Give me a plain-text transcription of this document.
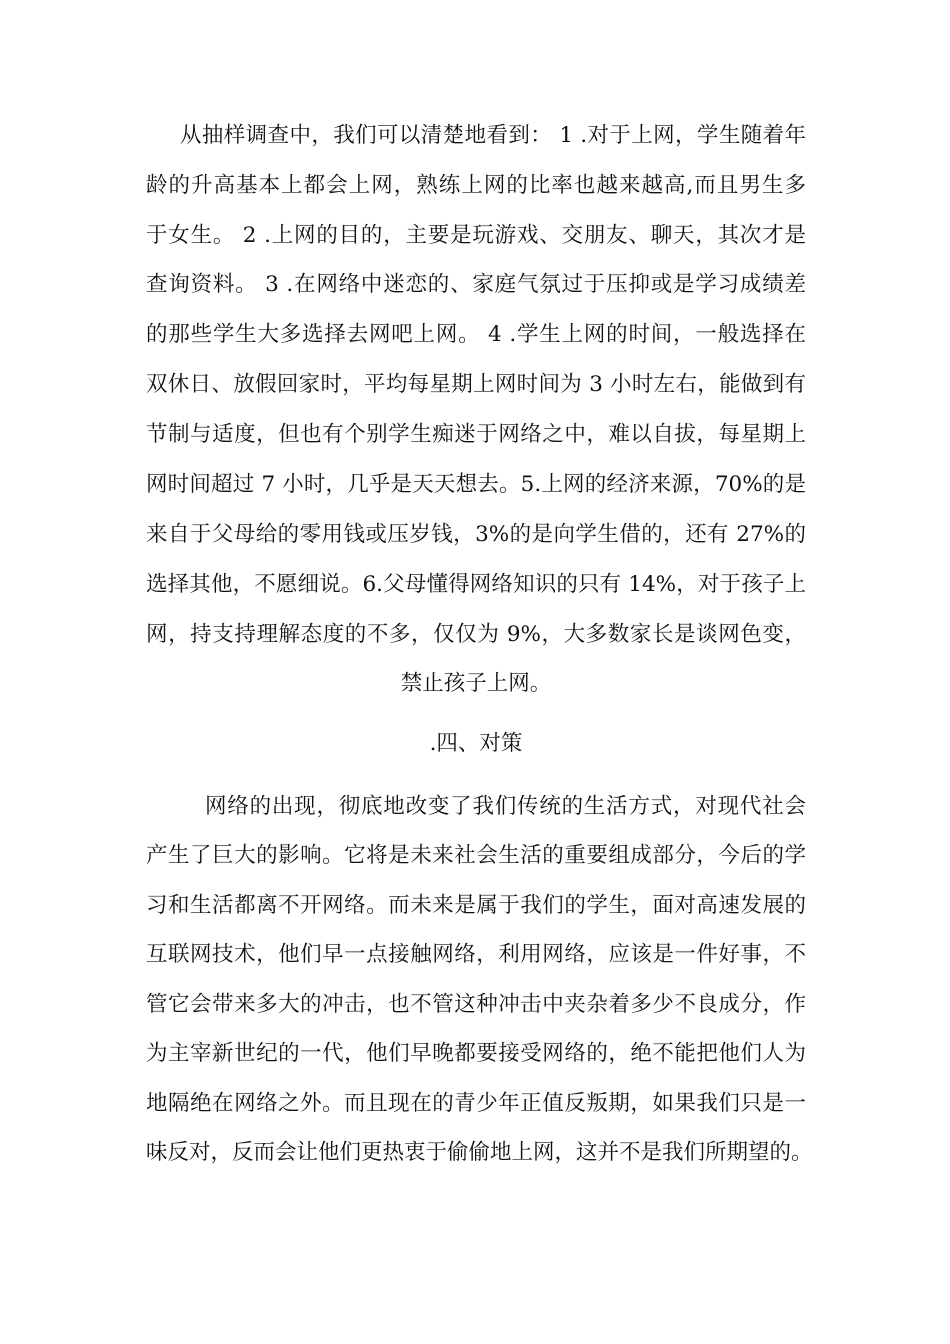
从抽样调查中，我们可以清楚地看到： 1 .对于上网，学生随着年
龄的升高基本上都会上网，熟练上网的比率也越来越高,而且男生多
于女生。 2 .上网的目的，主要是玩游戏、交朋友、聊天，其次才是
查询资料。 3 .在网络中迷恋的、家庭气氛过于压抑或是学习成绩差
的那些学生大多选择去网吧上网。 4 .学生上网的时间，一般选择在
双休日、放假回家时，平均每星期上网时间为 3 小时左右，能做到有
节制与适度，但也有个别学生痴迷于网络之中，难以自拔，每星期上
网时间超过 7 小时，几乎是天天想去。5.上网的经济来源，70%的是
来自于父母给的零用钱或压岁钱，3%的是向学生借的，还有 27%的
选择其他，不愿细说。6.父母懂得网络知识的只有 14%，对于孩子上
网，持支持理解态度的不多，仅仅为 9%，大多数家长是谈网色变，
禁止孩子上网。
.四、对策
网络的出现，彻底地改变了我们传统的生活方式，对现代社会
产生了巨大的影响。它将是未来社会生活的重要组成部分，今后的学
习和生活都离不开网络。而未来是属于我们的学生，面对高速发展的
互联网技术，他们早一点接触网络，利用网络，应该是一件好事，不
管它会带来多大的冲击，也不管这种冲击中夹杂着多少不良成分，作
为主宰新世纪的一代，他们早晚都要接受网络的，绝不能把他们人为
地隔绝在网络之外。而且现在的青少年正值反叛期，如果我们只是一
味反对，反而会让他们更热衷于偷偷地上网，这并不是我们所期望的。
